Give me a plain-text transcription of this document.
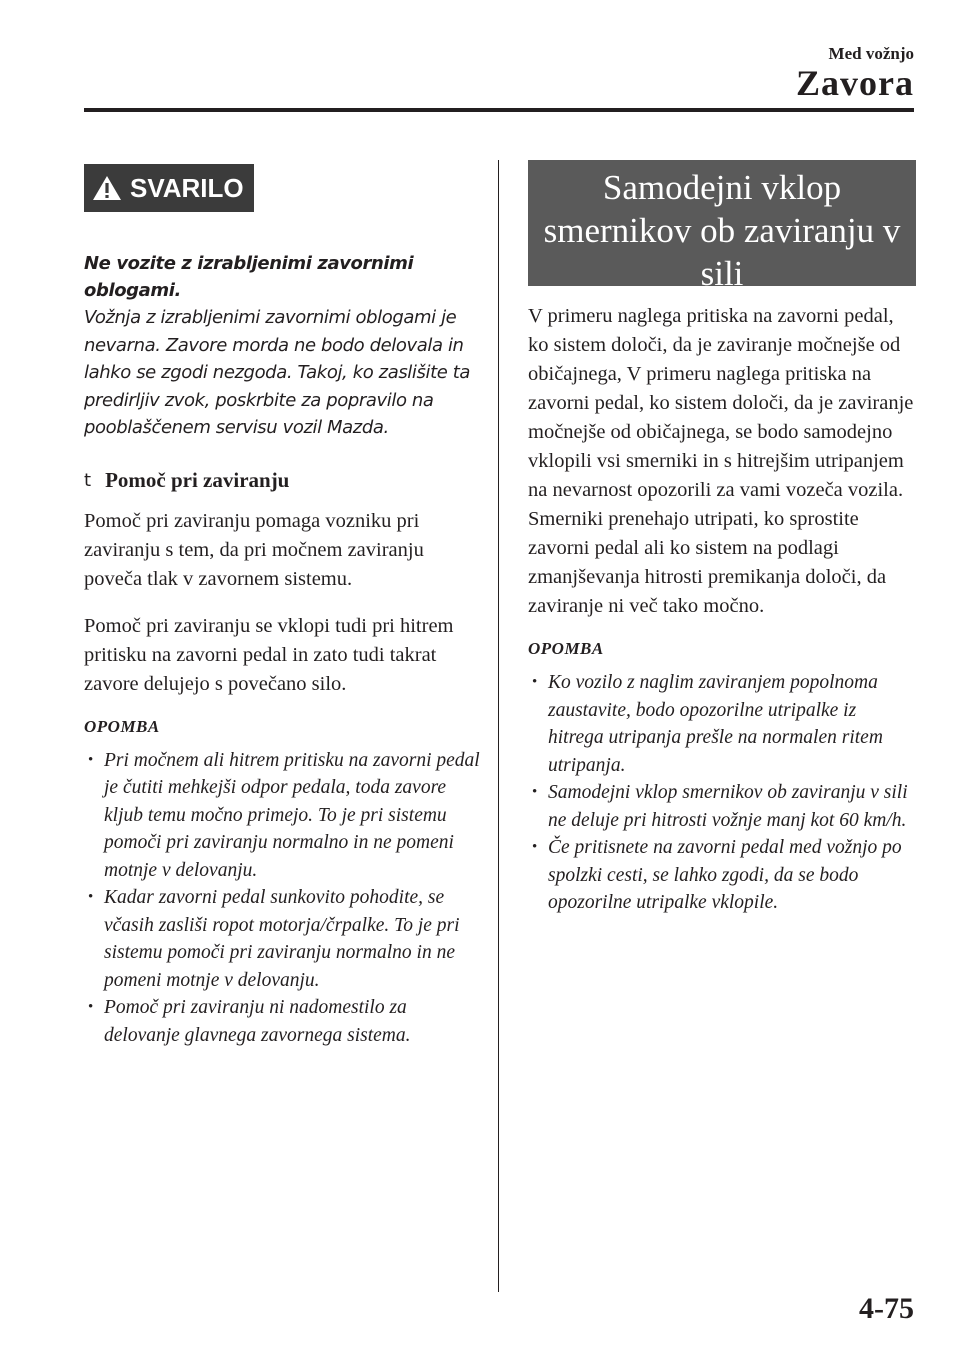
Med vožnjo
Zavora
SVARILO

Ne vozite z izrabljenimi zavornimi oblogami.

Vožnja z izrabljenimi zavornimi oblogami je nevarna. Zavore morda ne bodo delovala in lahko se zgodi nezgoda. Takoj, ko zaslišite ta predirljiv zvok, poskrbite za popravilo na pooblaščenem servisu vozil Mazda.

t Pomoč pri zaviranju

Pomoč pri zaviranju pomaga vozniku pri zaviranju s tem, da pri močnem zaviranju poveča tlak v zavornem sistemu.

Pomoč pri zaviranju se vklopi tudi pri hitrem pritisku na zavorni pedal in zato tudi takrat zavore delujejo s povečano silo.

OPOMBA
• Pri močnem ali hitrem pritisku na zavorni pedal je čutiti mehkejši odpor pedala, toda zavore kljub temu močno primejo. To je pri sistemu pomoči pri zaviranju normalno in ne pomeni motnje v delovanju.
• Kadar zavorni pedal sunkovito pohodite, se včasih zasliši ropot motorja/črpalke. To je pri sistemu pomoči pri zaviranju normalno in ne pomeni motnje v delovanju.
• Pomoč pri zaviranju ni nadomestilo za delovanje glavnega zavornega sistema.
Samodejni vklop smernikov ob zaviranju v sili

V primeru naglega pritiska na zavorni pedal, ko sistem določi, da je zaviranje močnejše od običajnega, V primeru naglega pritiska na zavorni pedal, ko sistem določi, da je zaviranje močnejše od običajnega, se bodo samodejno vklopili vsi smerniki in s hitrejšim utripanjem na nevarnost opozorili za vami vozeča vozila. Smerniki prenehajo utripati, ko sprostite zavorni pedal ali ko sistem na podlagi zmanjševanja hitrosti premikanja določi, da zaviranje ni več tako močno.

OPOMBA
• Ko vozilo z naglim zaviranjem popolnoma zaustavite, bodo opozorilne utripalke iz hitrega utripanja prešle na normalen ritem utripanja.
• Samodejni vklop smernikov ob zaviranju v sili ne deluje pri hitrosti vožnje manj kot 60 km/h.
• Če pritisnete na zavorni pedal med vožnjo po spolzki cesti, se lahko zgodi, da se bodo opozorilne utripalke vklopile.
4-75
